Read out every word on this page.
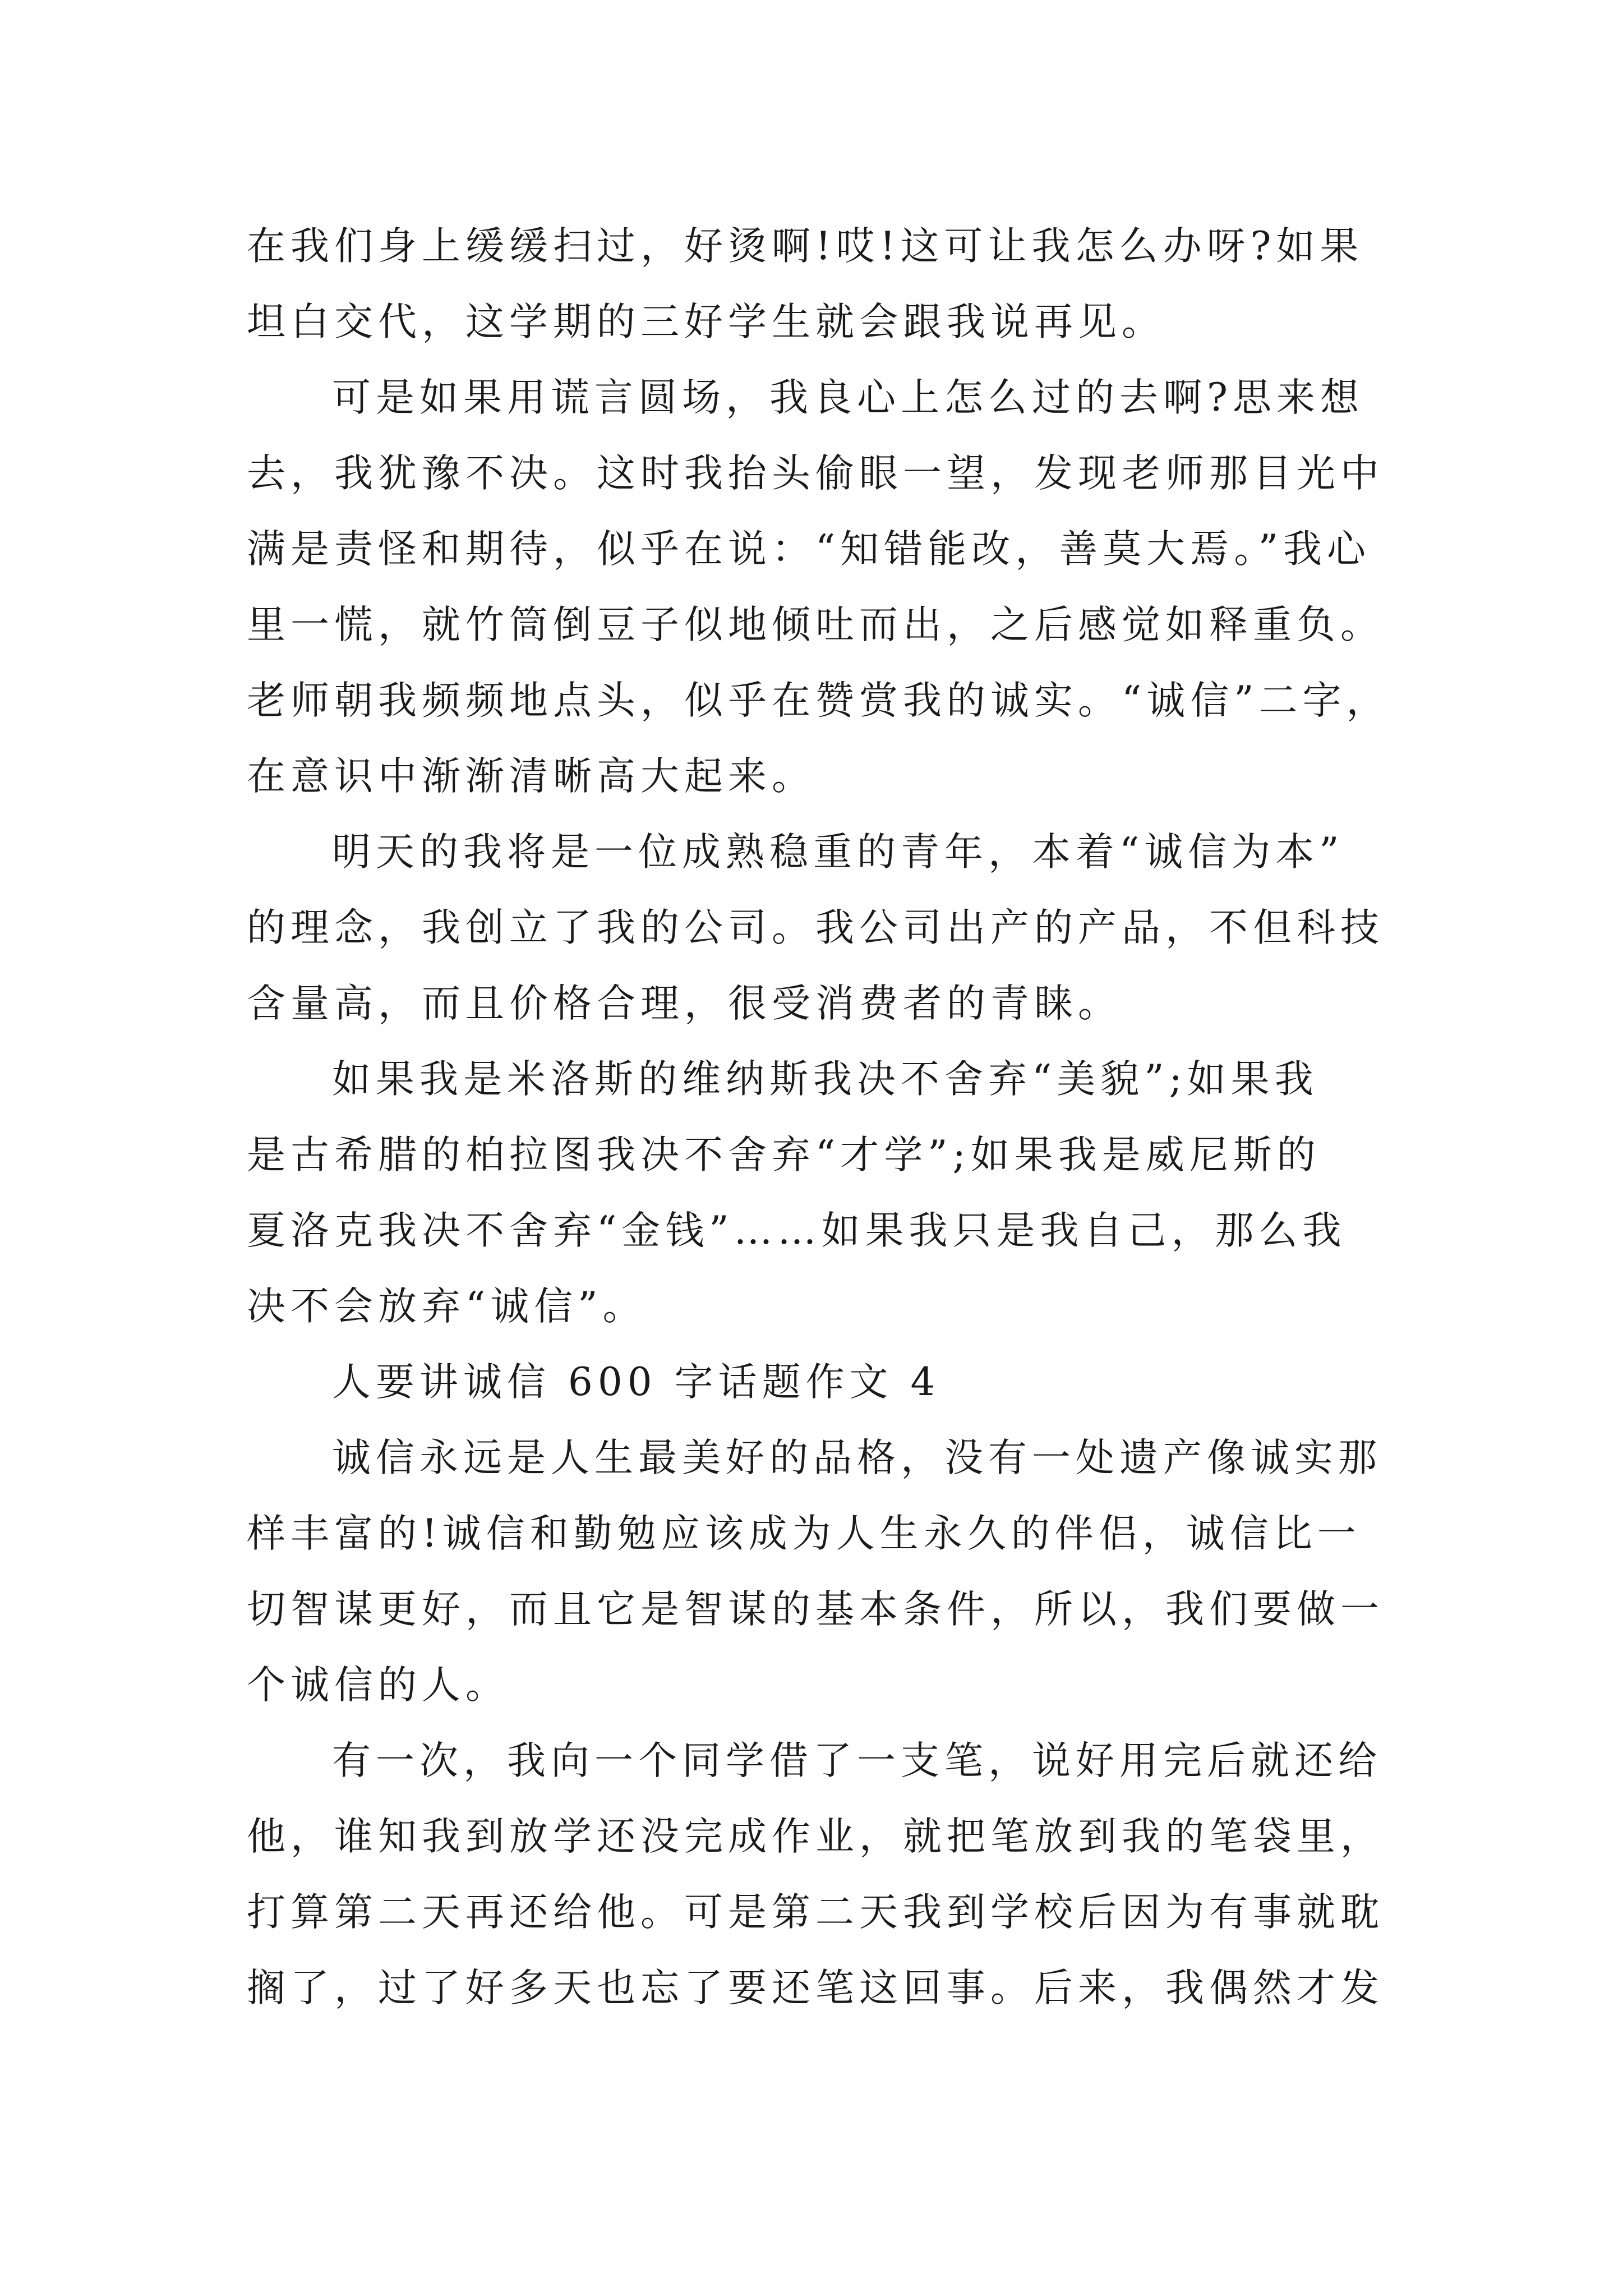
在我们身上缓缓扫过，好烫啊!哎!这可让我怎么办呀?如果
坦白交代，这学期的三好学生就会跟我说再见。
可是如果用谎言圆场，我良心上怎么过的去啊?思来想
去，我犹豫不决。这时我抬头偷眼一望，发现老师那目光中
满是责怪和期待，似乎在说：“知错能改，善莫大焉。”我心
里一慌，就竹筒倒豆子似地倾吐而出，之后感觉如释重负。
老师朝我频频地点头，似乎在赞赏我的诚实。“诚信”二字，
在意识中渐渐清晰高大起来。
明天的我将是一位成熟稳重的青年，本着“诚信为本”
的理念，我创立了我的公司。我公司出产的产品，不但科技
含量高，而且价格合理，很受消费者的青睐。
如果我是米洛斯的维纳斯我决不舍弃“美貌”;如果我
是古希腊的柏拉图我决不舍弃“才学”;如果我是威尼斯的
夏洛克我决不舍弃“金钱”……如果我只是我自己，那么我
决不会放弃“诚信”。
人要讲诚信 600 字话题作文 4
诚信永远是人生最美好的品格，没有一处遗产像诚实那
样丰富的!诚信和勤勉应该成为人生永久的伴侣，诚信比一
切智谋更好，而且它是智谋的基本条件，所以，我们要做一
个诚信的人。
有一次，我向一个同学借了一支笔，说好用完后就还给
他，谁知我到放学还没完成作业，就把笔放到我的笔袋里，
打算第二天再还给他。可是第二天我到学校后因为有事就耽
搁了，过了好多天也忘了要还笔这回事。后来，我偶然才发
